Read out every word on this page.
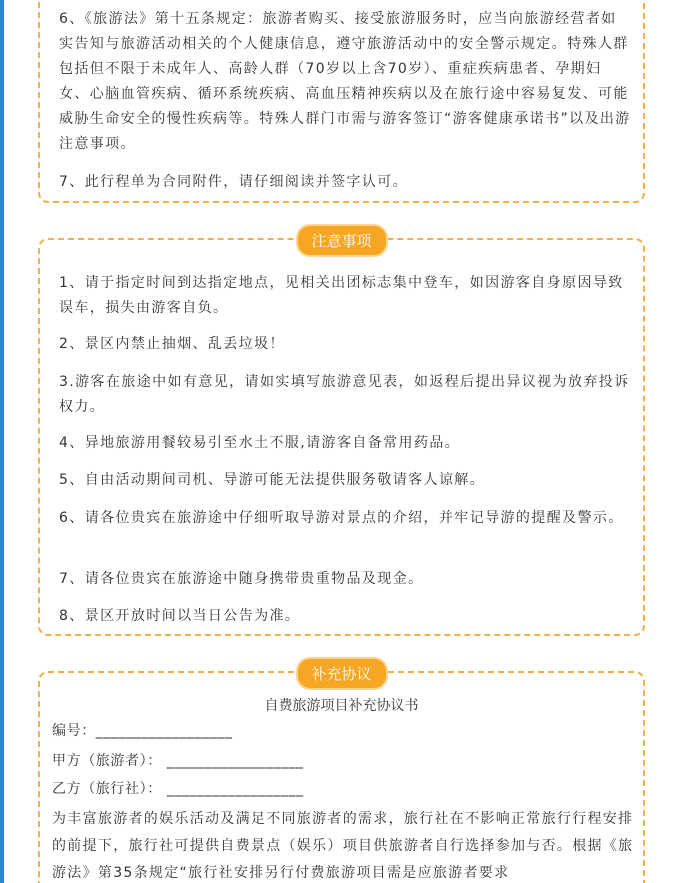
6、《旅游法》第十五条规定：旅游者购买、接受旅游服务时，应当向旅游经营者如实告知与旅游活动相关的个人健康信息，遵守旅游活动中的安全警示规定。特殊人群包括但不限于未成年人、高龄人群（70岁以上含70岁）、重症疾病患者、孕期妇女、心脑血管疾病、循环系统疾病、高血压精神疾病以及在旅行途中容易复发、可能威胁生命安全的慢性疾病等。特殊人群门市需与游客签订“游客健康承诺书”以及出游注意事项。
7、此行程单为合同附件，请仔细阅读并签字认可。
注意事项
1、请于指定时间到达指定地点，见相关出团标志集中登车，如因游客自身原因导致误车，损失由游客自负。
2、景区内禁止抽烟、乱丢垃圾！
3.游客在旅途中如有意见，请如实填写旅游意见表，如返程后提出异议视为放弃投诉权力。
4、异地旅游用餐较易引至水土不服,请游客自备常用药品。
5、自由活动期间司机、导游可能无法提供服务敬请客人谅解。
6、请各位贵宾在旅游途中仔细听取导游对景点的介绍，并牢记导游的提醒及警示。
7、请各位贵宾在旅游途中随身携带贵重物品及现金。
8、景区开放时间以当日公告为准。
补充协议
自费旅游项目补充协议书
编号：__________________
甲方（旅游者）： __________________
乙方（旅行社）： __________________
为丰富旅游者的娱乐活动及满足不同旅游者的需求，旅行社在不影响正常旅行行程安排的前提下，旅行社可提供自费景点（娱乐）项目供旅游者自行选择参加与否。根据《旅游法》第35条规定“旅行社安排另行付费旅游项目需是应旅游者要求
